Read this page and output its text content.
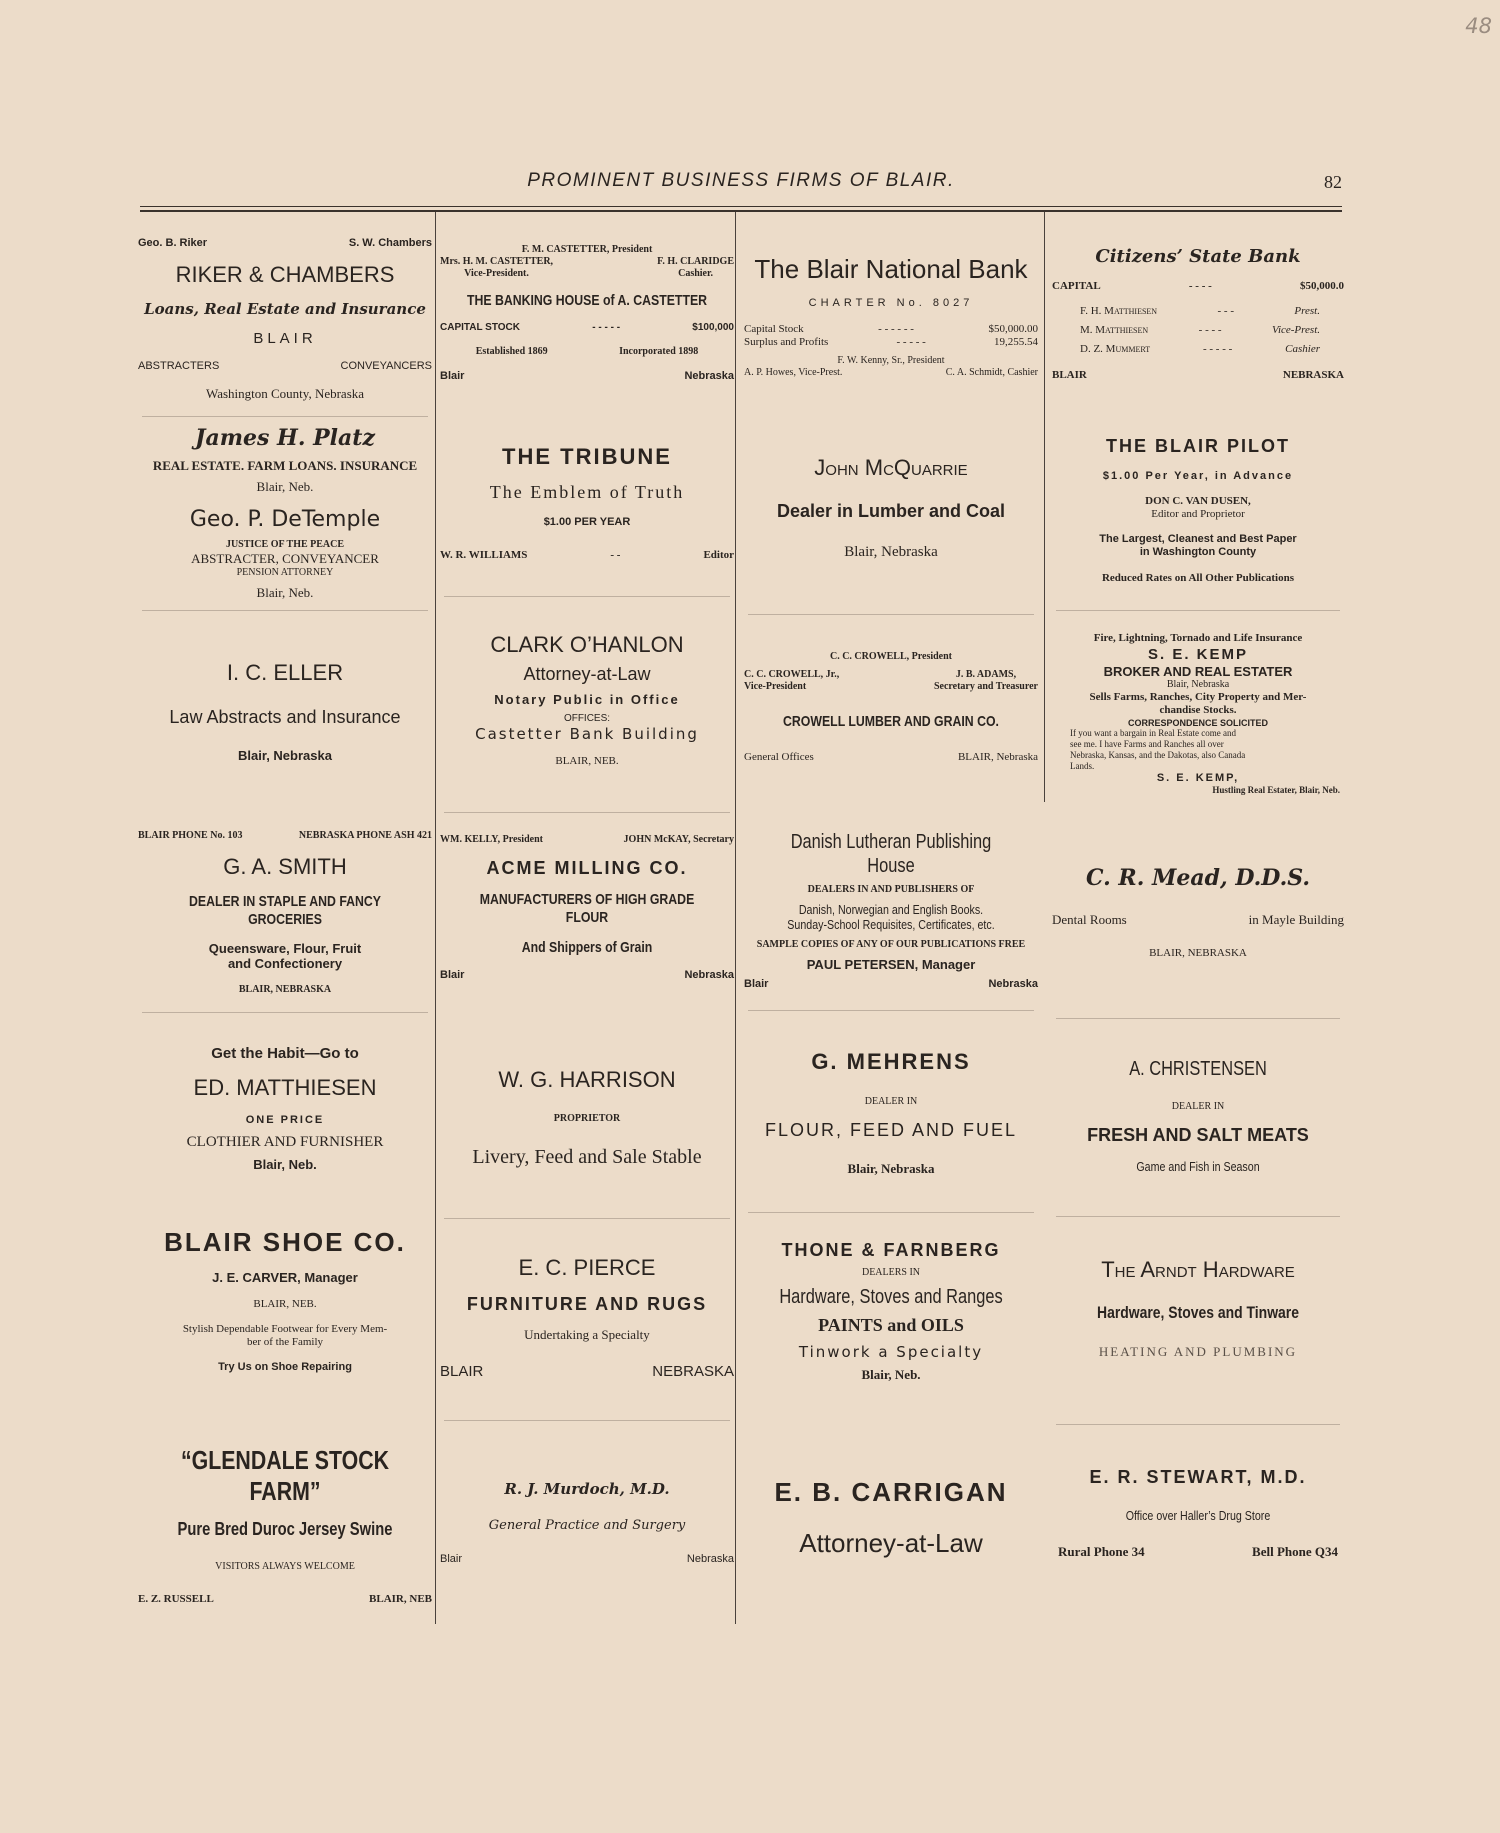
48
PROMINENT BUSINESS FIRMS OF BLAIR.	82
Geo. B. Riker	S. W. Chambers
RIKER & CHAMBERS
Loans, Real Estate and Insurance
BLAIR
ABSTRACTERS	CONVEYANCERS
Washington County, Nebraska
James H. Platz
REAL ESTATE. FARM LOANS. INSURANCE
Blair, Neb.
Geo. P. DeTemple
JUSTICE OF THE PEACE
ABSTRACTER, CONVEYANCER
PENSION ATTORNEY
Blair, Neb.
I. C. ELLER
Law Abstracts and Insurance
Blair, Nebraska
BLAIR PHONE No. 103	NEBRASKA PHONE ASH 421
G. A. SMITH
DEALER IN STAPLE AND FANCY GROCERIES
Queensware, Flour, Fruit
and Confectionery
BLAIR, NEBRASKA
Get the Habit—Go to
ED. MATTHIESEN
ONE PRICE
CLOTHIER AND FURNISHER
Blair, Neb.
BLAIR SHOE CO.
J. E. CARVER, Manager
BLAIR, NEB.
Stylish Dependable Footwear for Every Mem-
ber of the Family
Try Us on Shoe Repairing
“GLENDALE STOCK FARM”
Pure Bred Duroc Jersey Swine
VISITORS ALWAYS WELCOME
E. Z. RUSSELL	BLAIR, NEB
F. M. CASTETTER, President
Mrs. H. M. CASTETTER,
Vice-President.
F. H. CLARIDGE
Cashier.
THE BANKING HOUSE of A. CASTETTER
CAPITAL STOCK	- - - - -	$100,000
Established 1869	Incorporated 1898
Blair	Nebraska
THE TRIBUNE
The Emblem of Truth
$1.00 PER YEAR
W. R. WILLIAMS	- -	Editor
CLARK O’HANLON
Attorney-at-Law
Notary Public in Office
OFFICES:
Castetter Bank Building
BLAIR, NEB.
WM. KELLY, President	JOHN McKAY, Secretary
ACME MILLING CO.
MANUFACTURERS OF HIGH GRADE FLOUR
And Shippers of Grain
Blair	Nebraska
W. G. HARRISON
PROPRIETOR
Livery, Feed and Sale Stable
E. C. PIERCE
FURNITURE AND RUGS
Undertaking a Specialty
BLAIR	NEBRASKA
R. J. Murdoch, M.D.
General Practice and Surgery
Blair	Nebraska
The Blair National Bank
CHARTER No. 8027
Capital Stock	- - - - - -	$50,000.00
Surplus and Profits	- - - - -	19,255.54
F. W. Kenny, Sr., President
A. P. Howes, Vice-Prest.	C. A. Schmidt, Cashier
John McQuarrie
Dealer in Lumber and Coal
Blair, Nebraska
C. C. CROWELL, President
C. C. CROWELL, Jr.,
Vice-President
J. B. ADAMS,
Secretary and Treasurer
CROWELL LUMBER AND GRAIN CO.
General Offices	BLAIR, Nebraska
Danish Lutheran Publishing House
DEALERS IN AND PUBLISHERS OF
Danish, Norwegian and English Books.
Sunday-School Requisites, Certificates, etc.
SAMPLE COPIES OF ANY OF OUR PUBLICATIONS FREE
PAUL PETERSEN, Manager
Blair	Nebraska
G. MEHRENS
DEALER IN
FLOUR, FEED AND FUEL
Blair, Nebraska
THONE & FARNBERG
DEALERS IN
Hardware, Stoves and Ranges
PAINTS and OILS
Tinwork a Specialty
Blair, Neb.
E. B. CARRIGAN
Attorney-at-Law
Citizens’ State Bank
CAPITAL	- - - -	$50,000.0
F. H. Matthiesen	- - -	Prest.
M. Matthiesen	- - - -	Vice-Prest.
D. Z. Mummert	- - - - -	Cashier
BLAIR	NEBRASKA
THE BLAIR PILOT
$1.00 Per Year, in Advance
DON C. VAN DUSEN,
Editor and Proprietor
The Largest, Cleanest and Best Paper
in Washington County
Reduced Rates on All Other Publications
Fire, Lightning, Tornado and Life Insurance
S. E. KEMP
BROKER AND REAL ESTATER
Blair, Nebraska
Sells Farms, Ranches, City Property and Mer-
chandise Stocks.
CORRESPONDENCE SOLICITED
If you want a bargain in Real Estate come and
see me. I have Farms and Ranches all over
Nebraska, Kansas, and the Dakotas, also Canada
Lands.
S. E. KEMP,
Hustling Real Estater, Blair, Neb.
C. R. Mead, D.D.S.
Dental Rooms	in Mayle Building
BLAIR, NEBRASKA
A. CHRISTENSEN
DEALER IN
FRESH AND SALT MEATS
Game and Fish in Season
The Arndt Hardware
Hardware, Stoves and Tinware
HEATING AND PLUMBING
E. R. STEWART, M.D.
Office over Haller’s Drug Store
Rural Phone 34	Bell Phone Q34
